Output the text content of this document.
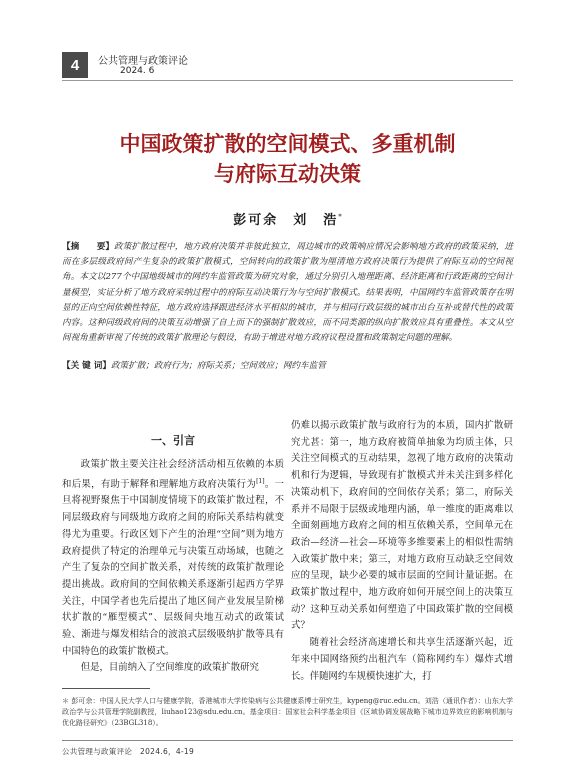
4	公共管理与政策评论
2024. 6
中国政策扩散的空间模式、多重机制
与府际互动决策
彭可余　刘　浩*
【摘　　要】政策扩散过程中，地方政府决策并非彼此独立，周边城市的政策响应情况会影响地方政府的政策采纳，进而在多层级政府间产生复杂的政策扩散模式，空间转向的政策扩散为厘清地方政府决策行为提供了府际互动的空间视角。本文以277个中国地级城市的网约车监管政策为研究对象，通过分别引入地理距离、经济距离和行政距离的空间计量模型，实证分析了地方政府采纳过程中的府际互动决策行为与空间扩散模式。结果表明，中国网约车监管政策存在明显的正向空间依赖性特征，地方政府选择跟进经济水平相似的城市，并与相同行政层级的城市出台互补或替代性的政策内容。这种同级政府间的决策互动增强了自上而下的强制扩散效应，而不同类源的纵向扩散效应具有重叠性。本文从空间视角重新审视了传统的政策扩散理论与假设，有助于增进对地方政府议程设置和政策制定问题的理解。
【关 键 词】政策扩散；政府行为；府际关系；空间效应；网约车监管
一、引言

政策扩散主要关注社会经济活动相互依赖的本质和后果，有助于解释和理解地方政府决策行为[1]。一旦将视野聚焦于中国制度情境下的政策扩散过程，不同层级政府与同级地方政府之间的府际关系结构就变得尤为重要。行政区划下产生的治理“空间”则为地方政府提供了特定的治理单元与决策互动场域，也随之产生了复杂的空间扩散关系，对传统的政策扩散理论提出挑战。政府间的空间依赖关系逐渐引起西方学界关注，中国学者也先后提出了地区间产业发展呈阶梯状扩散的“雁型模式”、层级间央地互动式的政策试验、渐进与爆发相结合的波浪式层级吸纳扩散等具有中国特色的政策扩散模式。

但是，目前纳入了空间维度的政策扩散研究

仍难以揭示政策扩散与政府行为的本质，国内扩散研究尤甚：第一，地方政府被简单抽象为均质主体，只关注空间模式的互动结果，忽视了地方政府的决策动机和行为逻辑，导致现有扩散模式并未关注到多样化决策动机下，政府间的空间依存关系；第二，府际关系并不局限于层级或地理内涵，单一维度的距离难以全面刻画地方政府之间的相互依赖关系，空间单元在政治—经济—社会—环境等多维要素上的相似性需纳入政策扩散中来；第三，对地方政府互动缺乏空间效应的呈现，缺少必要的城市层面的空间计量证据。在政策扩散过程中，地方政府如何开展空间上的决策互动？这种互动关系如何塑造了中国政策扩散的空间模式？

随着社会经济高速增长和共享生活逐渐兴起，近年来中国网络预约出租汽车（简称网约车）爆炸式增长。伴随网约车规模快速扩大，打

＊ 彭可余：中国人民大学人口与健康学院，香港城市大学传染病与公共健康系博士研究生，kypeng@ruc.edu.cn。刘浩（通讯作者）：山东大学政治学与公共管理学院副教授，liuhao123@sdu.edu.cn。基金项目：国家社会科学基金项目《区域协调发展战略下城市边界效应的影响机制与优化路径研究》（23BGL318）。
公共管理与政策评论　2024.6，4-19
